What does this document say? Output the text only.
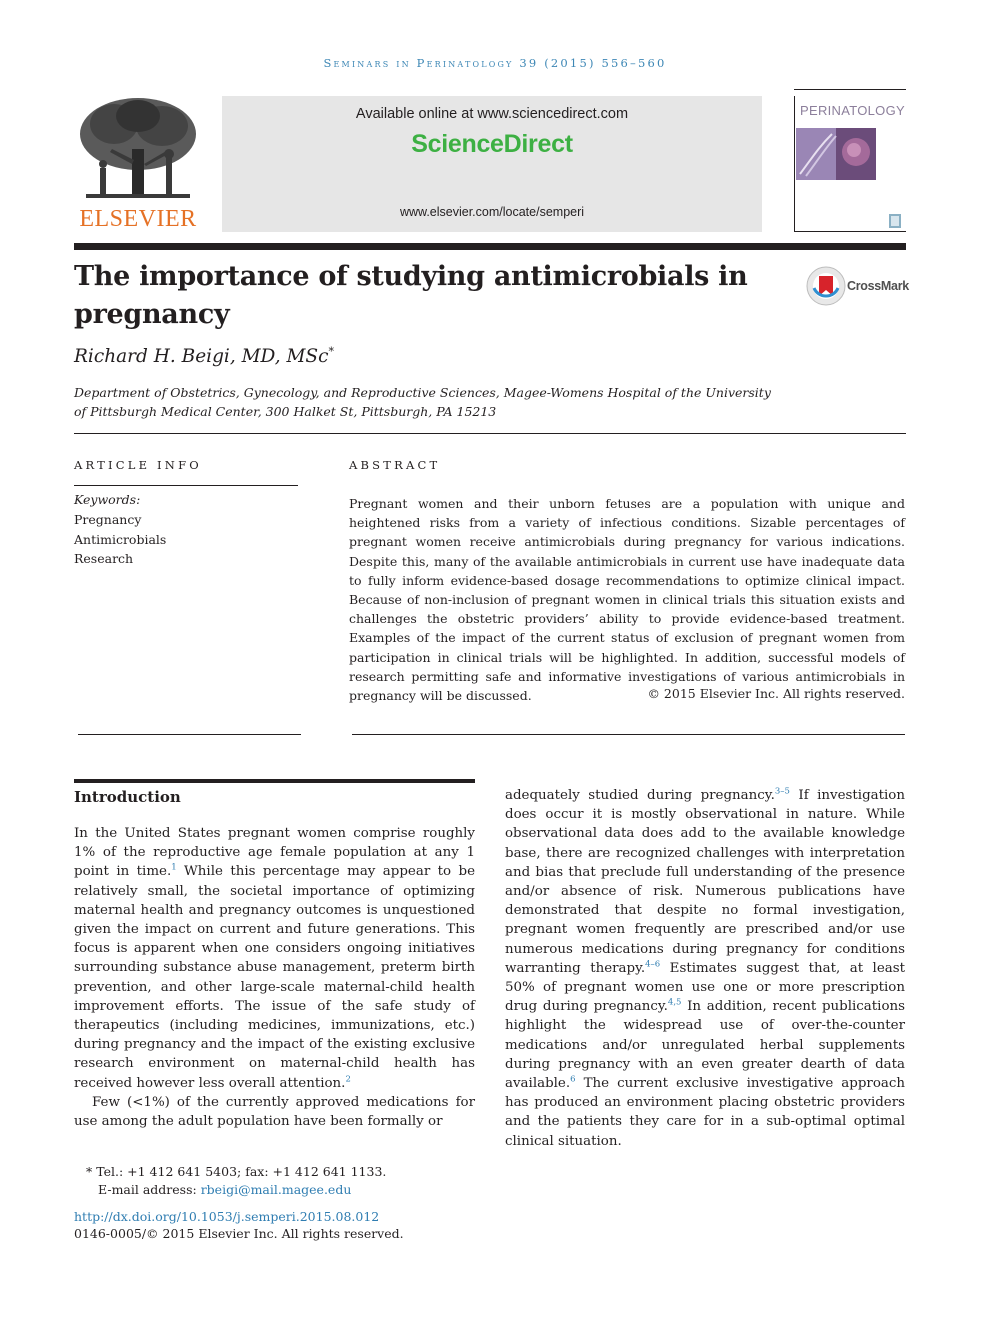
Seminars in Perinatology 39 (2015) 556–560
ELSEVIER
Available online at www.sciencedirect.com
ScienceDirect
www.elsevier.com/locate/semperi
PERINATOLOGY
The importance of studying antimicrobials in pregnancy
CrossMark
Richard H. Beigi, MD, MSc*
Department of Obstetrics, Gynecology, and Reproductive Sciences, Magee-Womens Hospital of the University of Pittsburgh Medical Center, 300 Halket St, Pittsburgh, PA 15213
ARTICLE INFO
Keywords:
Pregnancy
Antimicrobials
Research
ABSTRACT
Pregnant women and their unborn fetuses are a population with unique and heightened risks from a variety of infectious conditions. Sizable percentages of pregnant women receive antimicrobials during pregnancy for various indications. Despite this, many of the available antimicrobials in current use have inadequate data to fully inform evidence-based dosage recommendations to optimize clinical impact. Because of non-inclusion of pregnant women in clinical trials this situation exists and challenges the obstetric providers’ ability to provide evidence-based treatment. Examples of the impact of the current status of exclusion of pregnant women from participation in clinical trials will be highlighted. In addition, successful models of research permitting safe and informative investigations of various antimicrobials in pregnancy will be discussed.	© 2015 Elsevier Inc. All rights reserved.
Introduction

In the United States pregnant women comprise roughly 1% of the reproductive age female population at any 1 point in time.$^1$ While this percentage may appear to be relatively small, the societal importance of optimizing maternal health and pregnancy outcomes is unquestioned given the impact on current and future generations. This focus is apparent when one considers ongoing initiatives surrounding substance abuse management, preterm birth prevention, and other large-scale maternal-child health improvement efforts. The issue of the safe study of therapeutics (including medicines, immunizations, etc.) during pregnancy and the impact of the existing exclusive research environment on maternal-child health has received however less overall attention.$^2$

Few (<1%) of the currently approved medications for use among the adult population have been formally or

adequately studied during pregnancy.$^{3-5}$ If investigation does occur it is mostly observational in nature. While observational data does add to the available knowledge base, there are recognized challenges with interpretation and bias that preclude full understanding of the presence and/or absence of risk. Numerous publications have demonstrated that despite no formal investigation, pregnant women frequently are prescribed and/or use numerous medications during pregnancy for conditions warranting therapy.$^{4-6}$ Estimates suggest that, at least 50% of pregnant women use one or more prescription drug during pregnancy.$^{4,5}$ In addition, recent publications highlight the widespread use of over-the-counter medications and/or unregulated herbal supplements during pregnancy with an even greater dearth of data available.$^6$ The current exclusive investigative approach has produced an environment placing obstetric providers and the patients they care for in a sub-optimal optimal clinical situation.

* Tel.: +1 412 641 5403; fax: +1 412 641 1133.
E-mail address: rbeigi@mail.magee.edu
http://dx.doi.org/10.1053/j.semperi.2015.08.012
0146-0005/© 2015 Elsevier Inc. All rights reserved.
